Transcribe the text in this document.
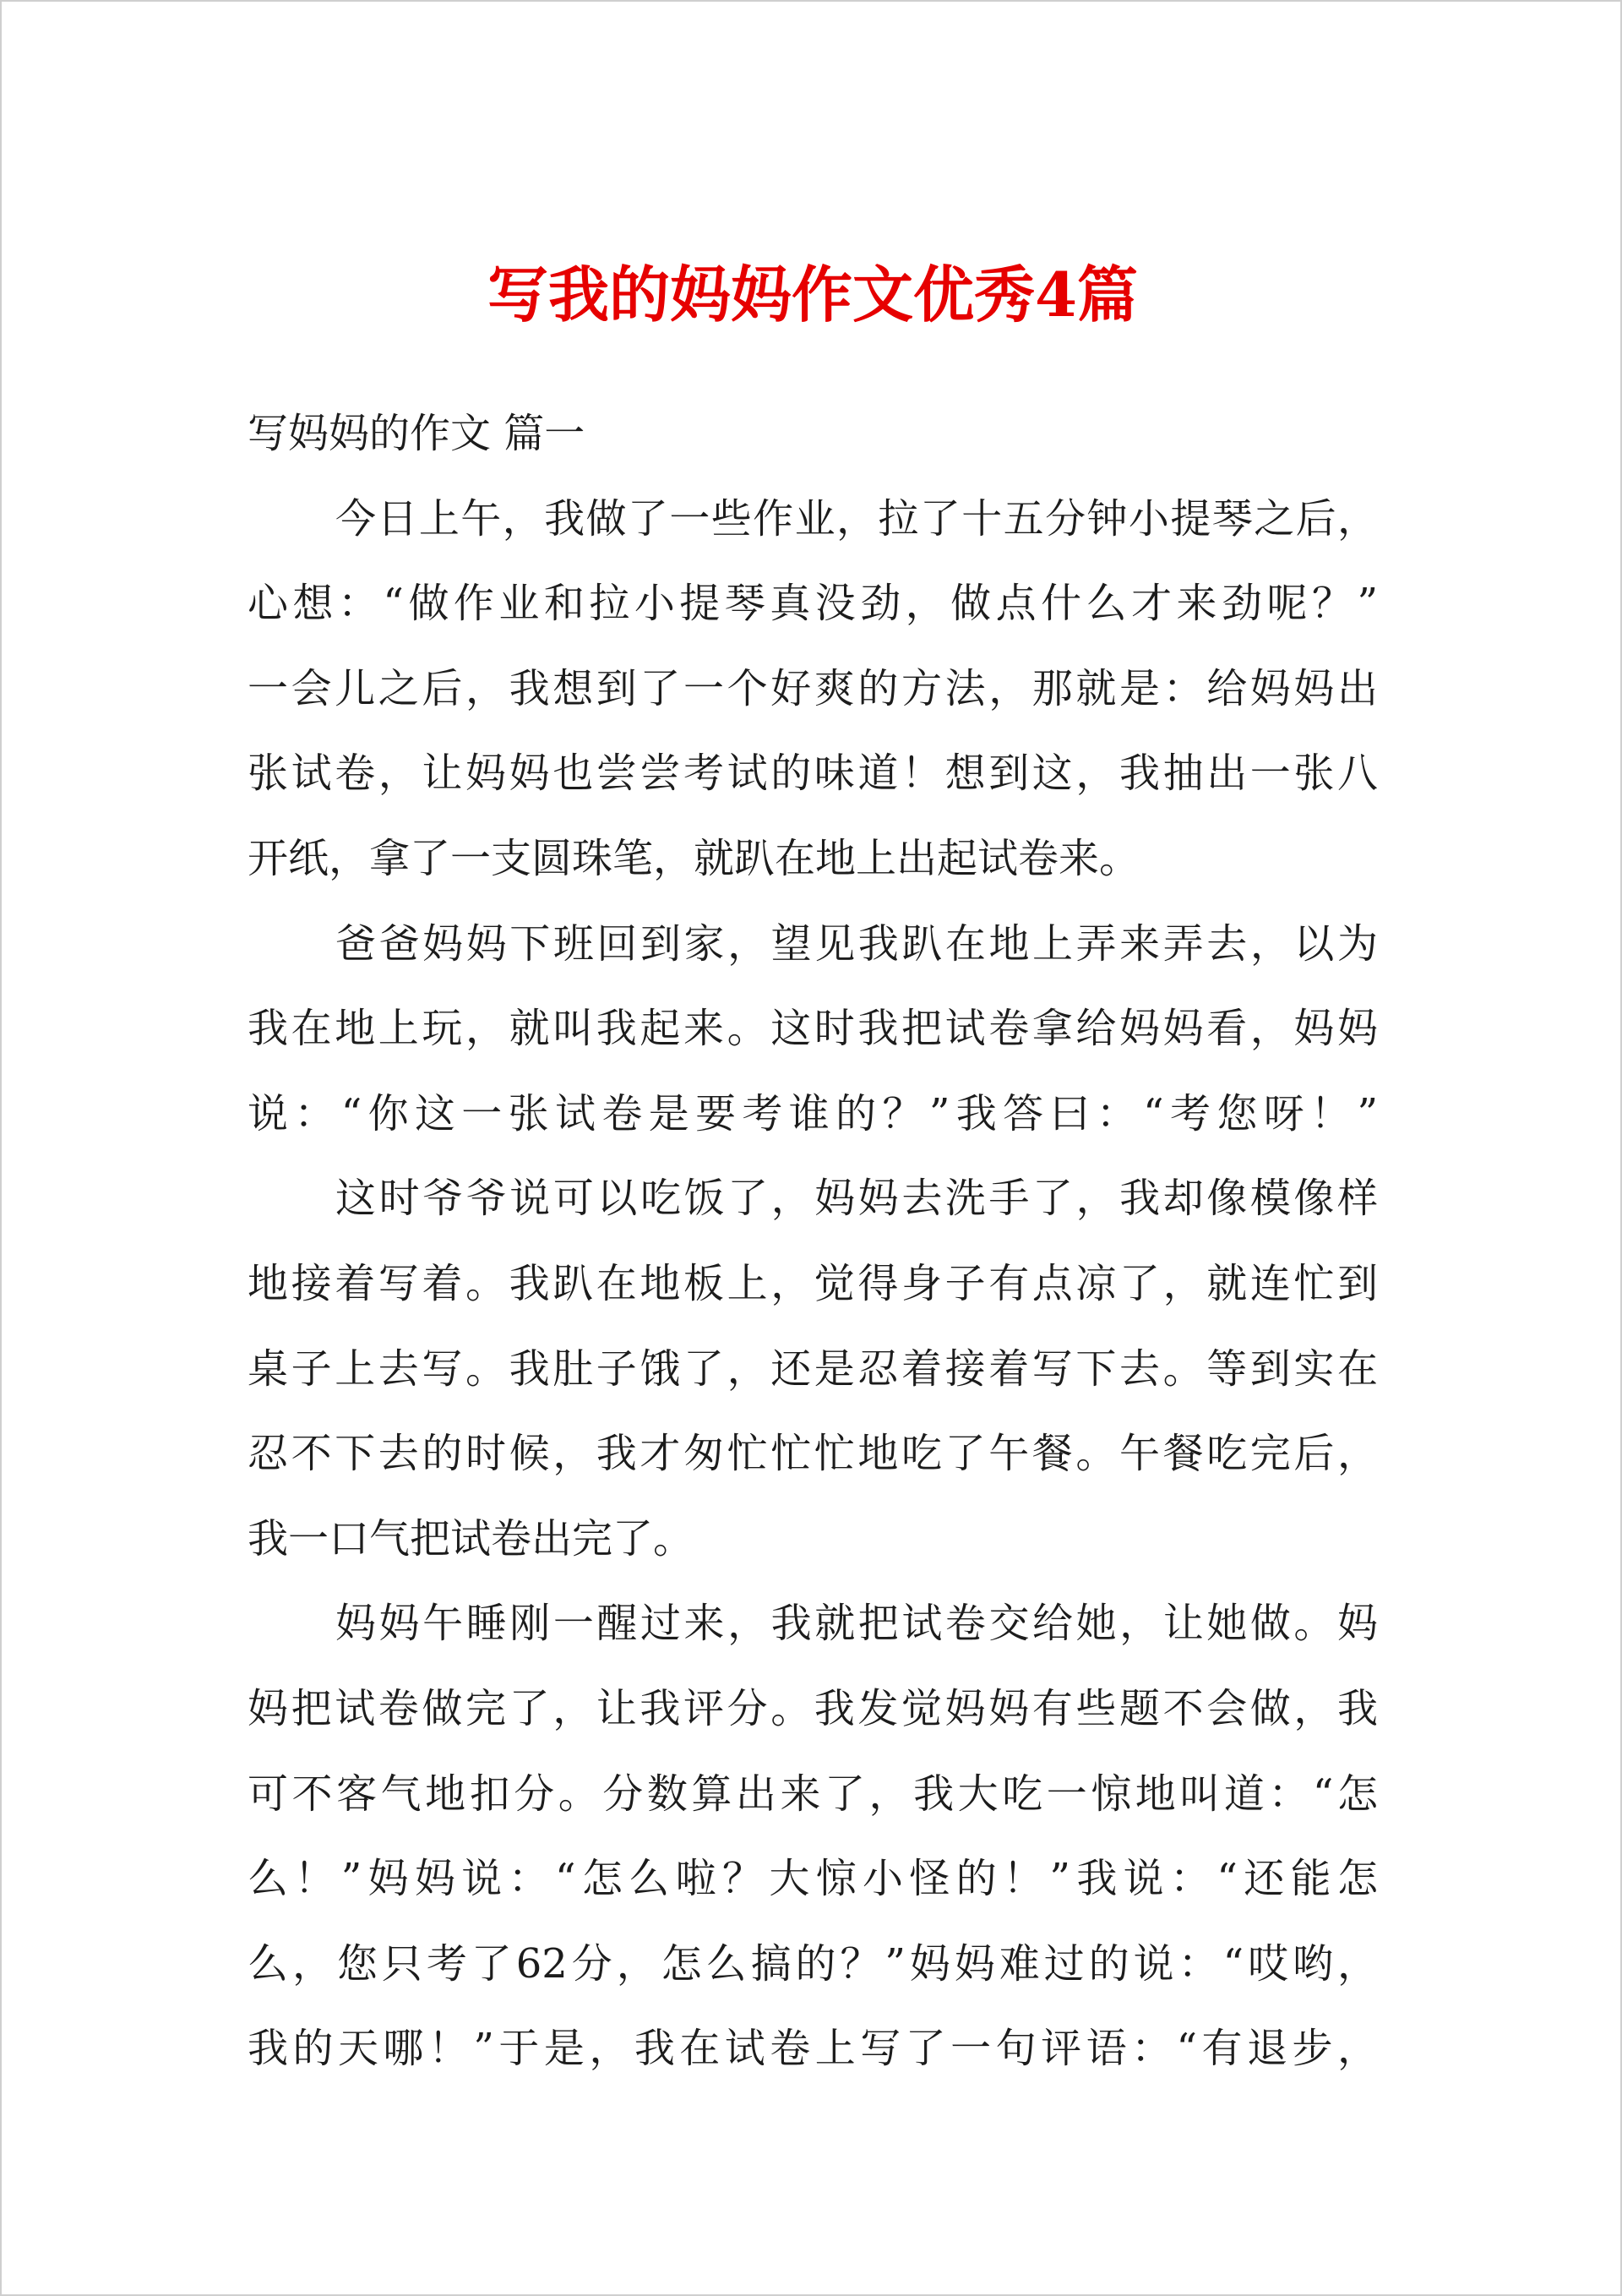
写我的妈妈作文优秀4篇
写妈妈的作文 篇一
今日上午，我做了一些作业，拉了十五分钟小提琴之后，
心想：“做作业和拉小提琴真没劲，做点什么才来劲呢？”
一会儿之后，我想到了一个好爽的方法，那就是：给妈妈出
张试卷，让妈妈也尝尝考试的味道！想到这，我抽出一张八
开纸，拿了一支圆珠笔，就趴在地上出起试卷来。
爸爸妈妈下班回到家，望见我趴在地上弄来弄去，以为
我在地上玩，就叫我起来。这时我把试卷拿给妈妈看，妈妈
说：“你这一张试卷是要考谁的？”我答曰：“考您呀！”
这时爷爷说可以吃饭了，妈妈去洗手了，我却像模像样
地接着写着。我趴在地板上，觉得身子有点凉了，就连忙到
桌子上去写。我肚子饿了，还是忍着接着写下去。等到实在
忍不下去的时候，我才匆忙忙忙地吃了午餐。午餐吃完后，
我一口气把试卷出完了。
妈妈午睡刚一醒过来，我就把试卷交给她，让她做。妈
妈把试卷做完了，让我评分。我发觉妈妈有些题不会做，我
可不客气地扣分。分数算出来了，我大吃一惊地叫道：“怎
么！”妈妈说：“怎么啦？大惊小怪的！”我说：“还能怎
么，您只考了62分，怎么搞的？”妈妈难过的说：“哎哟，
我的天哪！”于是，我在试卷上写了一句评语：“有退步，
